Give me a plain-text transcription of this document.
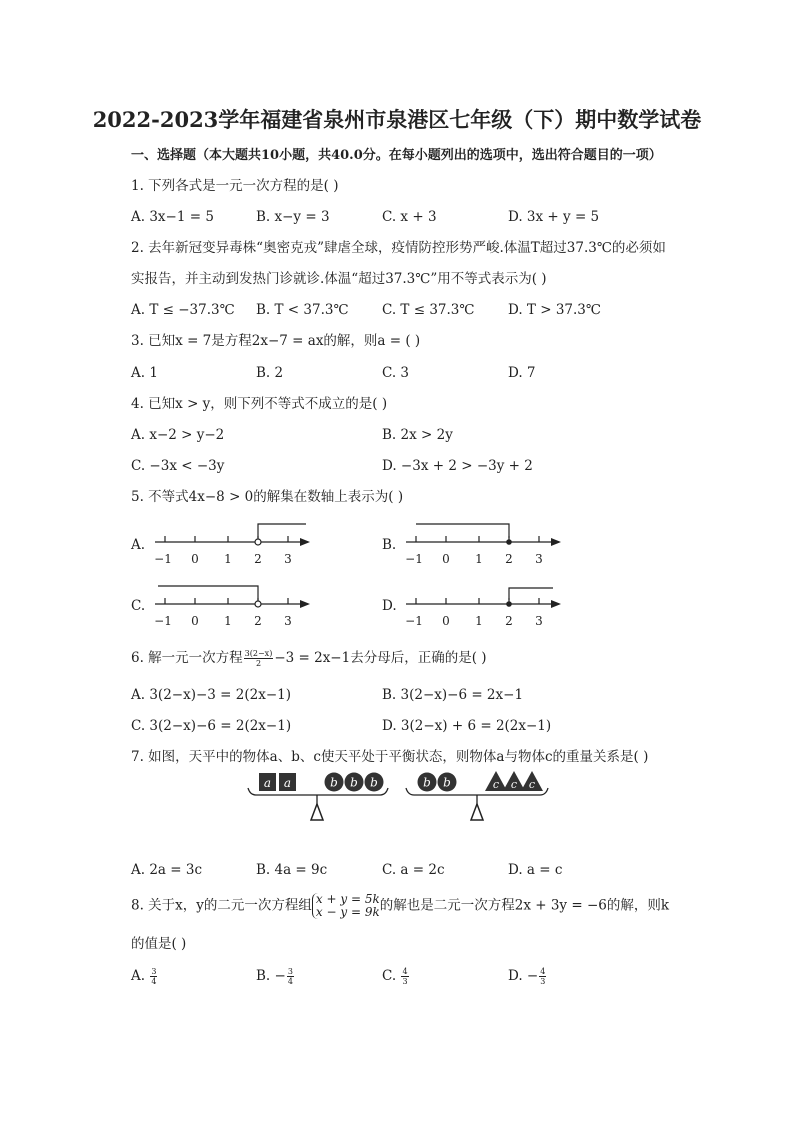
2022-2023学年福建省泉州市泉港区七年级（下）期中数学试卷
一、选择题（本大题共10小题，共40.0分。在每小题列出的选项中，选出符合题目的一项）
1. 下列各式是一元一次方程的是( )
A. 3x−1 = 5	B. x−y = 3	C. x + 3	D. 3x + y = 5
2. 去年新冠变异毒株“奥密克戎”肆虐全球，疫情防控形势严峻.体温T超过37.3℃的必须如
实报告，并主动到发热门诊就诊.体温“超过37.3℃”用不等式表示为( )
A. T ≤ −37.3℃ B. T < 37.3℃ C. T ≤ 37.3℃ D. T > 37.3℃
3. 已知x = 7是方程2x−7 = ax的解，则a = ( )
A. 1	B. 2	C. 3	D. 7
4. 已知x > y，则下列不等式不成立的是( )
A. x−2 > y−2	B. 2x > 2y
C. −3x < −3y	D. −3x + 2 > −3y + 2
5. 不等式4x−8 > 0的解集在数轴上表示为( )
A.	B.
C.	D.
−1 0 1 2 3	−1 0 1 2 3
−1 0 1 2 3	−1 0 1 2 3
6. 解一元一次方程 $\frac{3(2-x)}{2} -3 = 2x-1$去分母后，正确的是( )
A. 3(2−x)−3 = 2(2x−1)	B. 3(2−x)−6 = 2x−1
C. 3(2−x)−6 = 2(2x−1)	D. 3(2−x) + 6 = 2(2x−1)
7. 如图，天平中的物体a、b、c使天平处于平衡状态，则物体a与物体c的重量关系是( )
a a	b b b	b b	c c c
A. 2a = 3c	B. 4a = 9c	C. a = 2c	D. a = c
8. 关于x，y的二元一次方程组 x + y = 5k
x − y = 9k 的解也是二元一次方程2x + 3y = −6的解，则k
的值是( )
A. $\frac{3}{4}$	B. − $\frac{3}{4}$	C. $\frac{4}{3}$	D. − $\frac{4}{3}$
